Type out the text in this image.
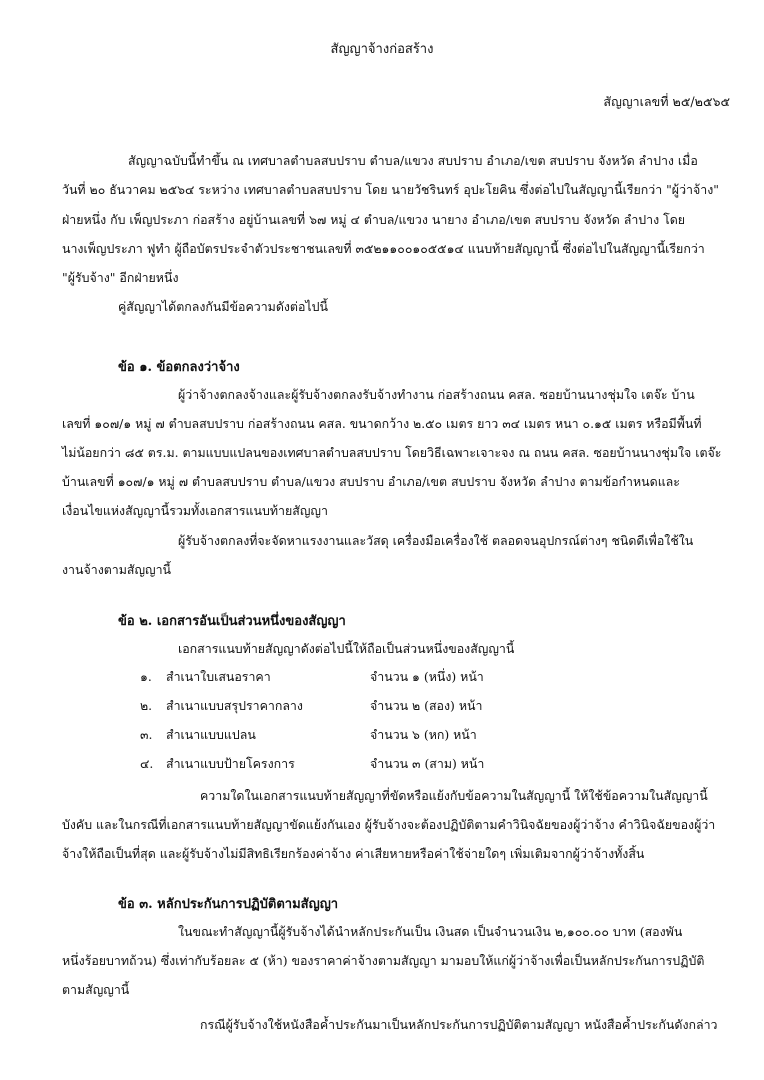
สัญญาจ้างก่อสร้าง
สัญญาเลขที่ ๒๕/๒๕๖๕
สัญญาฉบับนี้ทำขึ้น ณ เทศบาลตำบลสบปราบ ตำบล/แขวง สบปราบ อำเภอ/เขต สบปราบ จังหวัด ลำปาง เมื่อ
วันที่ ๒๐ ธันวาคม ๒๕๖๔ ระหว่าง เทศบาลตำบลสบปราบ โดย นายวัชรินทร์ อุปะโยคิน ซึ่งต่อไปในสัญญานี้เรียกว่า "ผู้ว่าจ้าง"
ฝ่ายหนึ่ง กับ เพ็ญประภา ก่อสร้าง อยู่บ้านเลขที่ ๖๗ หมู่ ๔ ตำบล/แขวง นายาง อำเภอ/เขต สบปราบ จังหวัด ลำปาง โดย
นางเพ็ญประภา ฟูทำ ผู้ถือบัตรประจำตัวประชาชนเลขที่ ๓๕๒๑๑๐๐๑๐๕๕๑๔ แนบท้ายสัญญานี้ ซึ่งต่อไปในสัญญานี้เรียกว่า
"ผู้รับจ้าง" อีกฝ่ายหนึ่ง
คู่สัญญาได้ตกลงกันมีข้อความดังต่อไปนี้
ข้อ ๑. ข้อตกลงว่าจ้าง
ผู้ว่าจ้างตกลงจ้างและผู้รับจ้างตกลงรับจ้างทำงาน ก่อสร้างถนน คสล. ซอยบ้านนางชุ่มใจ เตจ๊ะ บ้าน
เลขที่ ๑๐๗/๑ หมู่ ๗ ตำบลสบปราบ ก่อสร้างถนน คสล. ขนาดกว้าง ๒.๕๐ เมตร ยาว ๓๔ เมตร หนา ๐.๑๕ เมตร หรือมีพื้นที่
ไม่น้อยกว่า ๘๕ ตร.ม. ตามแบบแปลนของเทศบาลตำบลสบปราบ โดยวิธีเฉพาะเจาะจง ณ ถนน คสล. ซอยบ้านนางชุ่มใจ เตจ๊ะ
บ้านเลขที่ ๑๐๗/๑ หมู่ ๗ ตำบลสบปราบ ตำบล/แขวง สบปราบ อำเภอ/เขต สบปราบ จังหวัด ลำปาง ตามข้อกำหนดและ
เงื่อนไขแห่งสัญญานี้รวมทั้งเอกสารแนบท้ายสัญญา
ผู้รับจ้างตกลงที่จะจัดหาแรงงานและวัสดุ เครื่องมือเครื่องใช้ ตลอดจนอุปกรณ์ต่างๆ ชนิดดีเพื่อใช้ใน
งานจ้างตามสัญญานี้
ข้อ ๒. เอกสารอันเป็นส่วนหนึ่งของสัญญา
เอกสารแนบท้ายสัญญาดังต่อไปนี้ให้ถือเป็นส่วนหนึ่งของสัญญานี้
๑. สำเนาใบเสนอราคา	จำนวน ๑ (หนึ่ง) หน้า
๒. สำเนาแบบสรุปราคากลาง	จำนวน ๒ (สอง) หน้า
๓. สำเนาแบบแปลน	จำนวน ๖ (หก) หน้า
๔. สำเนาแบบป้ายโครงการ	จำนวน ๓ (สาม) หน้า
ความใดในเอกสารแนบท้ายสัญญาที่ขัดหรือแย้งกับข้อความในสัญญานี้ ให้ใช้ข้อความในสัญญานี้
บังคับ และในกรณีที่เอกสารแนบท้ายสัญญาขัดแย้งกันเอง ผู้รับจ้างจะต้องปฏิบัติตามคำวินิจฉัยของผู้ว่าจ้าง คำวินิจฉัยของผู้ว่า
จ้างให้ถือเป็นที่สุด และผู้รับจ้างไม่มีสิทธิเรียกร้องค่าจ้าง ค่าเสียหายหรือค่าใช้จ่ายใดๆ เพิ่มเติมจากผู้ว่าจ้างทั้งสิ้น
ข้อ ๓. หลักประกันการปฏิบัติตามสัญญา
ในขณะทำสัญญานี้ผู้รับจ้างได้นำหลักประกันเป็น เงินสด เป็นจำนวนเงิน ๒,๑๐๐.๐๐ บาท (สองพัน
หนึ่งร้อยบาทถ้วน) ซึ่งเท่ากับร้อยละ ๕ (ห้า) ของราคาค่าจ้างตามสัญญา มามอบให้แก่ผู้ว่าจ้างเพื่อเป็นหลักประกันการปฏิบัติ
ตามสัญญานี้
กรณีผู้รับจ้างใช้หนังสือค้ำประกันมาเป็นหลักประกันการปฏิบัติตามสัญญา หนังสือค้ำประกันดังกล่าว
